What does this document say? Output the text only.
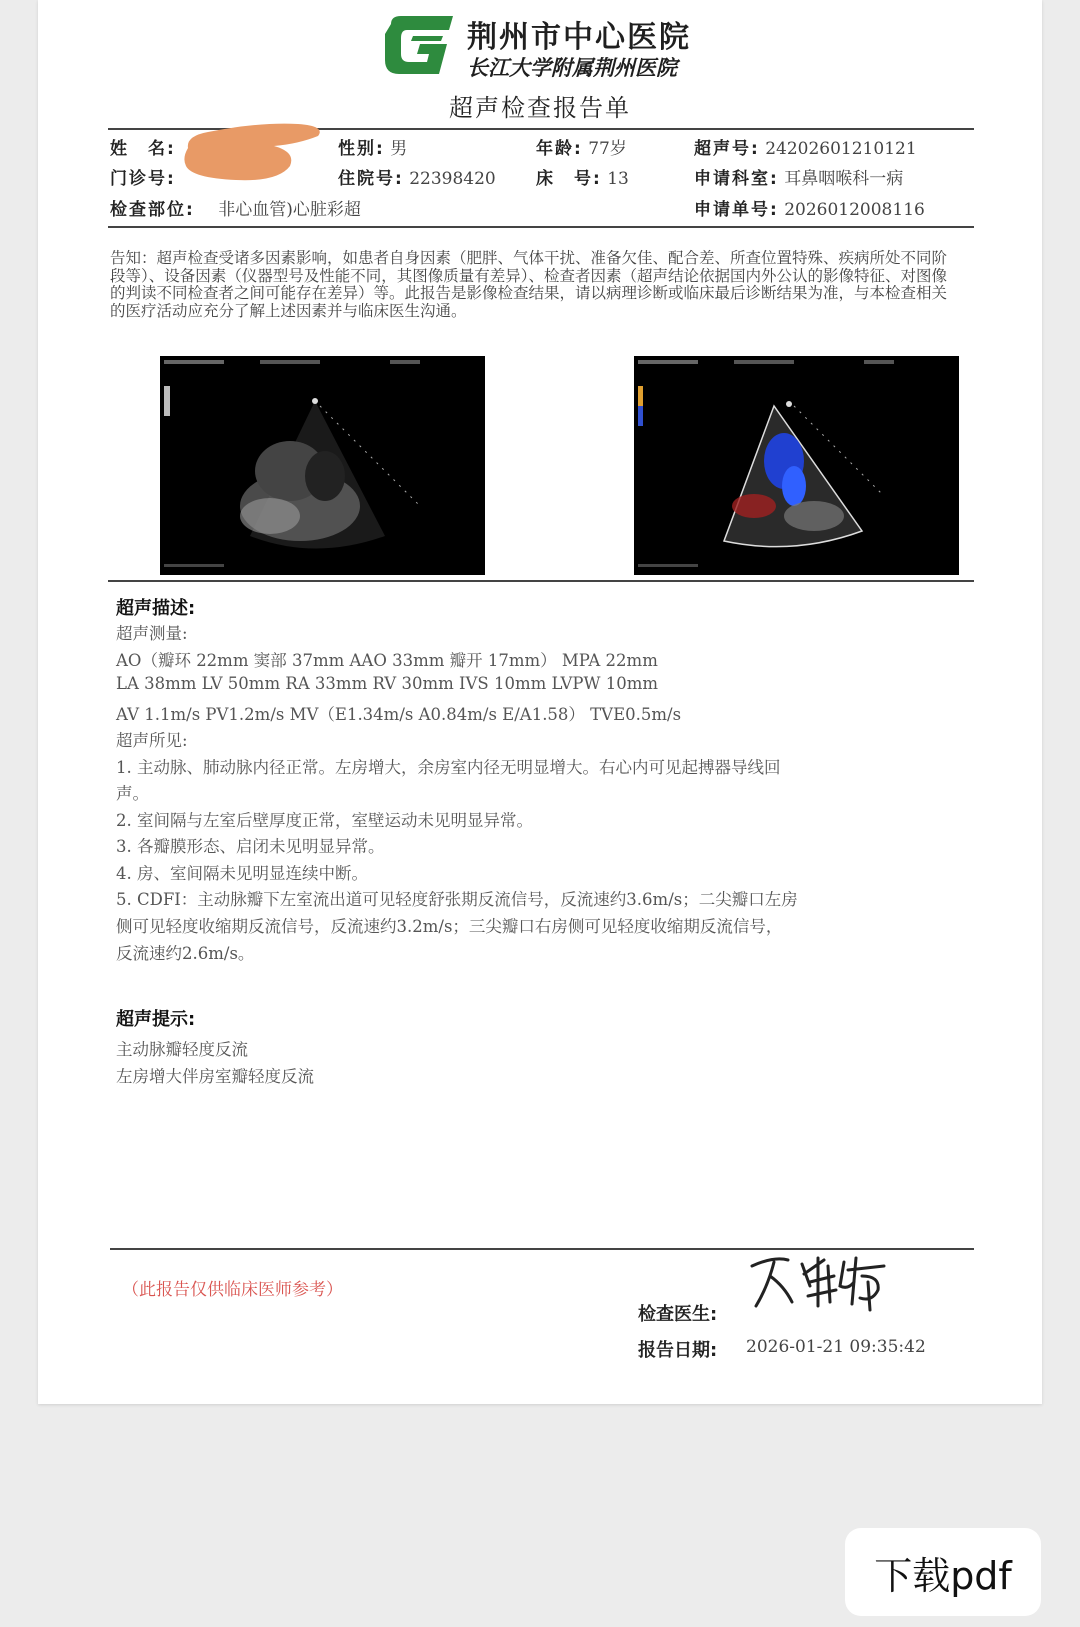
荆州市中心医院
长江大学附属荆州医院
超声检查报告单
姓　名:	性别: 男	年龄: 77岁	超声号: 24202601210121
门诊号:	住院号: 22398420 床　号: 13	申请科室: 耳鼻咽喉科一病
检查部位: 非心血管)心脏彩超	申请单号: 2026012008116
告知：超声检查受诸多因素影响，如患者自身因素（肥胖、气体干扰、准备欠佳、配合差、所查位置特殊、疾病所处不同阶段等）、设备因素（仪器型号及性能不同，其图像质量有差异）、检查者因素（超声结论依据国内外公认的影像特征、对图像的判读不同检查者之间可能存在差异）等。此报告是影像检查结果，请以病理诊断或临床最后诊断结果为准，与本检查相关的医疗活动应充分了解上述因素并与临床医生沟通。
超声描述:
超声测量:
AO（瓣环 22mm 窦部 37mm AAO 33mm 瓣开 17mm） MPA 22mm
LA 38mm LV 50mm RA 33mm RV 30mm IVS 10mm LVPW 10mm
AV 1.1m/s PV1.2m/s MV（E1.34m/s A0.84m/s E/A1.58） TVE0.5m/s
超声所见:
1. 主动脉、肺动脉内径正常。左房增大，余房室内径无明显增大。右心内可见起搏器导线回
声。
2. 室间隔与左室后壁厚度正常，室壁运动未见明显异常。
3. 各瓣膜形态、启闭未见明显异常。
4. 房、室间隔未见明显连续中断。
5. CDFI：主动脉瓣下左室流出道可见轻度舒张期反流信号，反流速约3.6m/s；二尖瓣口左房
侧可见轻度收缩期反流信号，反流速约3.2m/s；三尖瓣口右房侧可见轻度收缩期反流信号，
反流速约2.6m/s。
超声提示:
主动脉瓣轻度反流
左房增大伴房室瓣轻度反流
（此报告仅供临床医师参考）
检查医生:
报告日期: 2026-01-21 09:35:42
下载pdf
